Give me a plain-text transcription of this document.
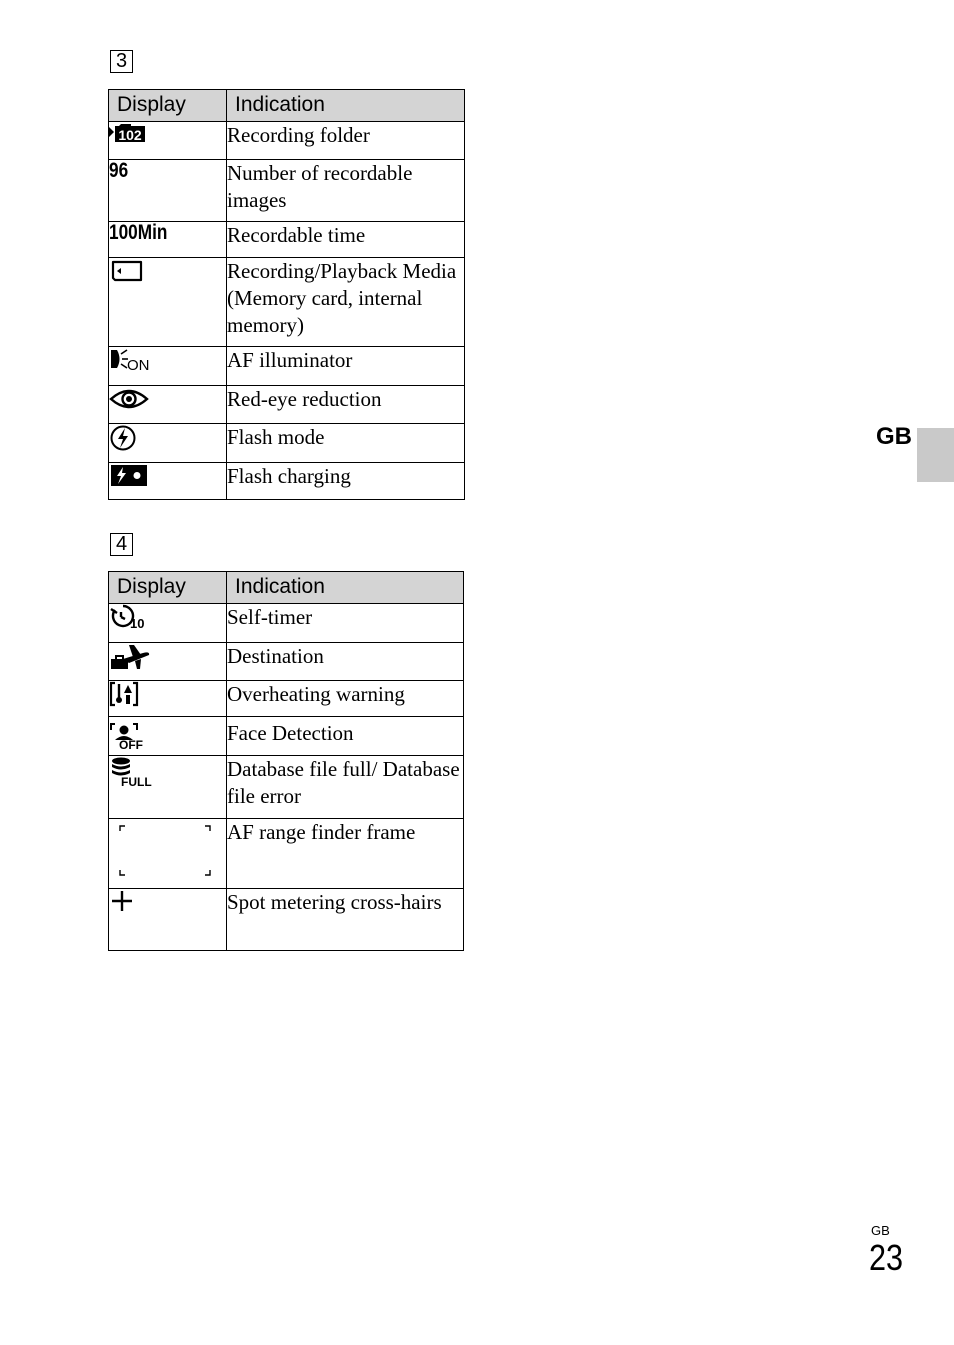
3
Display	Indication

102	Recording folder
96	Number of recordable images
100Min	Recordable time

	Recording/Playback Media (Memory card, internal memory)

ON	AF illuminator

	Red-eye reduction

	Flash mode

	Flash charging
4
Display	Indication

10	Self-timer

	Destination

	Overheating warning

OFF	Face Detection

FULL	Database file full/ Database file error

	AF range finder frame

	Spot metering cross-hairs
GB
GB
23
